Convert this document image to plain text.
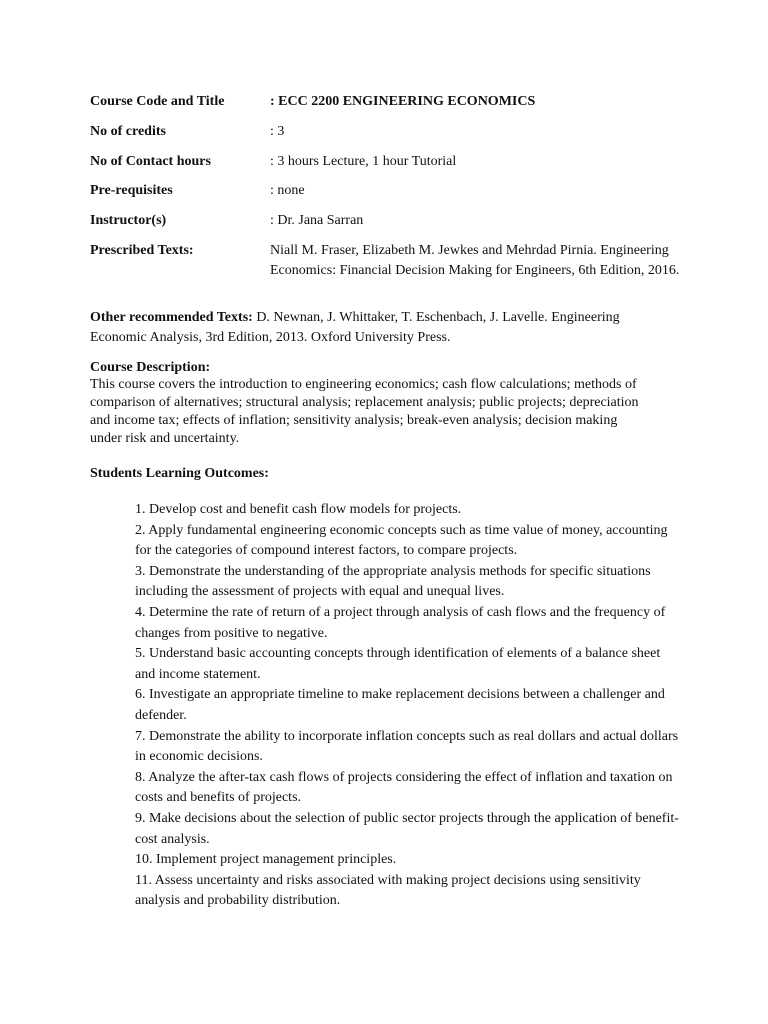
Course Code and Title	: ECC 2200 ENGINEERING ECONOMICS
No of credits	: 3
No of Contact hours	: 3 hours Lecture, 1 hour Tutorial
Pre-requisites	: none
Instructor(s)	: Dr. Jana Sarran
Prescribed Texts:	Niall M. Fraser, Elizabeth M. Jewkes and Mehrdad Pirnia. Engineering Economics: Financial Decision Making for Engineers, 6th Edition, 2016.
Other recommended Texts: D. Newnan, J. Whittaker, T. Eschenbach, J. Lavelle. Engineering Economic Analysis, 3rd Edition, 2013. Oxford University Press.
Course Description:
This course covers the introduction to engineering economics; cash flow calculations; methods of comparison of alternatives; structural analysis; replacement analysis; public projects; depreciation and income tax; effects of inflation; sensitivity analysis; break-even analysis; decision making under risk and uncertainty.
Students Learning Outcomes:
1. Develop cost and benefit cash flow models for projects.
2. Apply fundamental engineering economic concepts such as time value of money, accounting for the categories of compound interest factors, to compare projects.
3. Demonstrate the understanding of the appropriate analysis methods for specific situations including the assessment of projects with equal and unequal lives.
4. Determine the rate of return of a project through analysis of cash flows and the frequency of changes from positive to negative.
5. Understand basic accounting concepts through identification of elements of a balance sheet and income statement.
6. Investigate an appropriate timeline to make replacement decisions between a challenger and defender.
7. Demonstrate the ability to incorporate inflation concepts such as real dollars and actual dollars in economic decisions.
8. Analyze the after-tax cash flows of projects considering the effect of inflation and taxation on costs and benefits of projects.
9. Make decisions about the selection of public sector projects through the application of benefit-cost analysis.
10. Implement project management principles.
11. Assess uncertainty and risks associated with making project decisions using sensitivity analysis and probability distribution.
